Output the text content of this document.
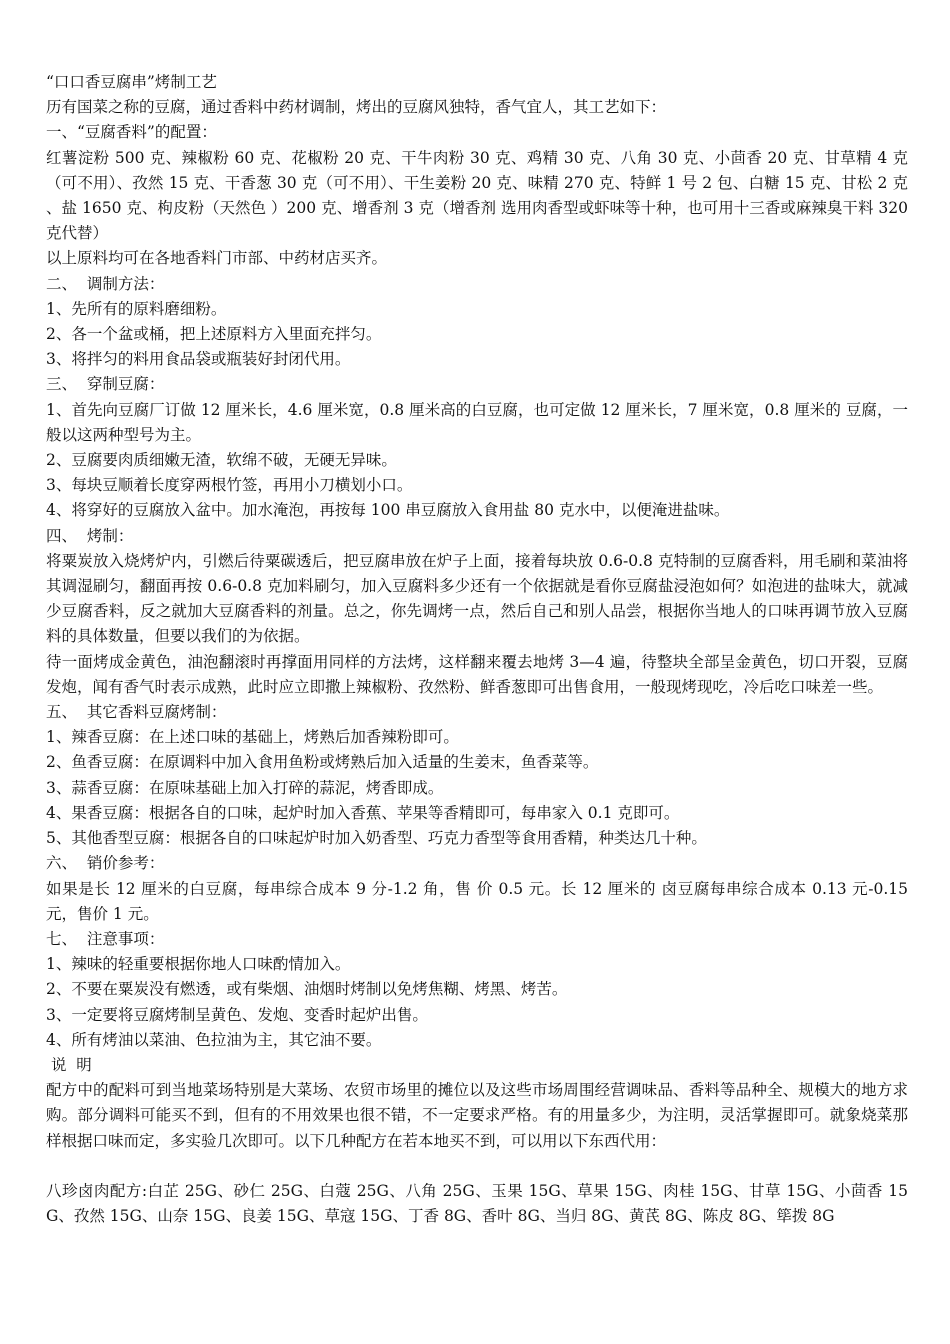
“口口香豆腐串”烤制工艺
历有国菜之称的豆腐，通过香料中药材调制，烤出的豆腐风独特，香气宜人，其工艺如下：
一、“豆腐香料”的配置：
红薯淀粉 500 克、辣椒粉 60 克、花椒粉 20 克、干牛肉粉 30 克、鸡精 30 克、八角 30 克、小茴香 20 克、甘草精 4 克（可不用）、孜然 15 克、干香葱 30 克（可不用）、干生姜粉 20 克、味精 270 克、特鲜 1 号 2 包、白糖 15 克、甘松 2 克 、盐 1650 克、枸皮粉（天然色 ）200 克、增香剂 3 克（增香剂 选用肉香型或虾味等十种，也可用十三香或麻辣臭干料 320 克代替）
以上原料均可在各地香料门市部、中药材店买齐。
二、  调制方法：
1、先所有的原料磨细粉。
2、各一个盆或桶，把上述原料方入里面充拌匀。
3、将拌匀的料用食品袋或瓶装好封闭代用。
三、  穿制豆腐：
1、首先向豆腐厂订做 12 厘米长，4.6 厘米宽，0.8 厘米高的白豆腐，也可定做 12 厘米长，7 厘米宽，0.8 厘米的 豆腐，一般以这两种型号为主。
2、豆腐要肉质细嫩无渣，软绵不破，无硬无异味。
3、每块豆顺着长度穿两根竹签，再用小刀横划小口。
4、将穿好的豆腐放入盆中。加水淹泡，再按每 100 串豆腐放入食用盐 80 克水中，以便淹进盐味。
四、  烤制：
将粟炭放入烧烤炉内，引燃后待粟碳透后，把豆腐串放在炉子上面，接着每块放 0.6-0.8 克特制的豆腐香料，用毛刷和菜油将其调湿刷匀，翻面再按 0.6-0.8 克加料刷匀，加入豆腐料多少还有一个依据就是看你豆腐盐浸泡如何？如泡进的盐味大，就减少豆腐香料，反之就加大豆腐香料的剂量。总之，你先调烤一点，然后自己和别人品尝，根据你当地人的口味再调节放入豆腐料的具体数量，但要以我们的为依据。
待一面烤成金黄色，油泡翻滚时再撑面用同样的方法烤，这样翻来覆去地烤 3—4 遍，待整块全部呈金黄色，切口开裂，豆腐发炮，闻有香气时表示成熟，此时应立即撒上辣椒粉、孜然粉、鲜香葱即可出售食用，一般现烤现吃，冷后吃口味差一些。
五、  其它香料豆腐烤制：
1、辣香豆腐：在上述口味的基础上，烤熟后加香辣粉即可。
2、鱼香豆腐：在原调料中加入食用鱼粉或烤熟后加入适量的生姜末，鱼香菜等。
3、蒜香豆腐：在原味基础上加入打碎的蒜泥，烤香即成。
4、果香豆腐：根据各自的口味，起炉时加入香蕉、苹果等香精即可，每串家入 0.1 克即可。
5、其他香型豆腐：根据各自的口味起炉时加入奶香型、巧克力香型等食用香精，种类达几十种。
六、  销价参考：
如果是长 12 厘米的白豆腐，每串综合成本 9 分-1.2 角，售 价 0.5 元。长 12 厘米的 卤豆腐每串综合成本 0.13 元-0.15 元，售价 1 元。
七、  注意事项：
1、辣味的轻重要根据你地人口味酌情加入。
2、不要在粟炭没有燃透，或有柴烟、油烟时烤制以免烤焦糊、烤黑、烤苦。
3、一定要将豆腐烤制呈黄色、发炮、变香时起炉出售。
4、所有烤油以菜油、色拉油为主，其它油不要。
说  明
配方中的配料可到当地菜场特别是大菜场、农贸市场里的摊位以及这些市场周围经营调味品、香料等品种全、规模大的地方求购。部分调料可能买不到，但有的不用效果也很不错，不一定要求严格。有的用量多少，为注明，灵活掌握即可。就象烧菜那样根据口味而定，多实验几次即可。以下几种配方在若本地买不到，可以用以下东西代用：
八珍卤肉配方:白芷 25G、砂仁 25G、白蔻 25G、八角 25G、玉果 15G、草果 15G、肉桂 15G、甘草 15G、小茴香 15G、孜然 15G、山奈 15G、良姜 15G、草寇 15G、丁香 8G、香叶 8G、当归 8G、黄芪 8G、陈皮 8G、筚拨 8G
